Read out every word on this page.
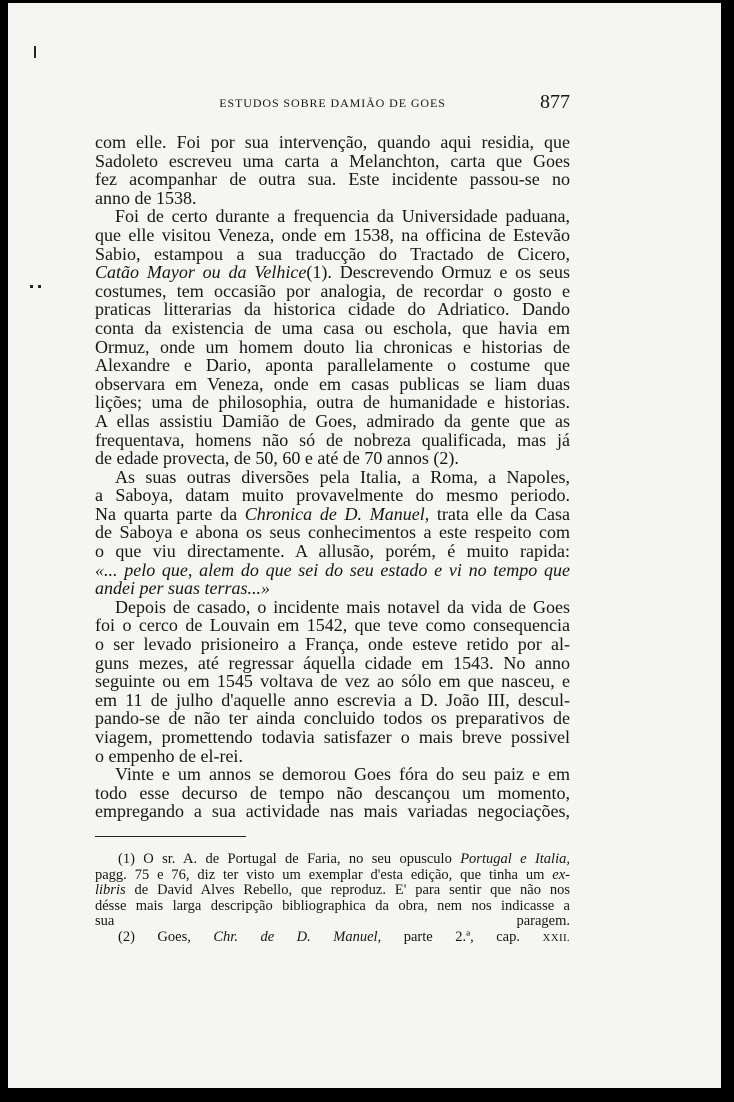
ESTUDOS SOBRE DAMIÃO DE GOES	877
com elle. Foi por sua intervenção, quando aqui residia, que
Sadoleto escreveu uma carta a Melanchton, carta que Goes
fez acompanhar de outra sua. Este incidente passou-se no
anno de 1538.
Foi de certo durante a frequencia da Universidade paduana,
que elle visitou Veneza, onde em 1538, na officina de Estevão
Sabio, estampou a sua traducção do Tractado de Cicero,
Catão Mayor ou da Velhice(1). Descrevendo Ormuz e os seus
costumes, tem occasião por analogia, de recordar o gosto e
praticas litterarias da historica cidade do Adriatico. Dando
conta da existencia de uma casa ou eschola, que havia em
Ormuz, onde um homem douto lia chronicas e historias de
Alexandre e Dario, aponta parallelamente o costume que
observara em Veneza, onde em casas publicas se liam duas
lições; uma de philosophia, outra de humanidade e historias.
A ellas assistiu Damião de Goes, admirado da gente que as
frequentava, homens não só de nobreza qualificada, mas já
de edade provecta, de 50, 60 e até de 70 annos (2).
As suas outras diversões pela Italia, a Roma, a Napoles,
a Saboya, datam muito provavelmente do mesmo periodo.
Na quarta parte da Chronica de D. Manuel, trata elle da Casa
de Saboya e abona os seus conhecimentos a este respeito com
o que viu directamente. A allusão, porém, é muito rapida:
«... pelo que, alem do que sei do seu estado e vi no tempo que
andei per suas terras...»
Depois de casado, o incidente mais notavel da vida de Goes
foi o cerco de Louvain em 1542, que teve como consequencia
o ser levado prisioneiro a França, onde esteve retido por al-
guns mezes, até regressar áquella cidade em 1543. No anno
seguinte ou em 1545 voltava de vez ao sólo em que nasceu, e
em 11 de julho d'aquelle anno escrevia a D. João III, descul-
pando-se de não ter ainda concluido todos os preparativos de
viagem, promettendo todavia satisfazer o mais breve possivel
o empenho de el-rei.
Vinte e um annos se demorou Goes fóra do seu paiz e em
todo esse decurso de tempo não descançou um momento,
empregando a sua actividade nas mais variadas negociações,
(1) O sr. A. de Portugal de Faria, no seu opusculo Portugal e Italia,
pagg. 75 e 76, diz ter visto um exemplar d'esta edição, que tinha um ex-
libris de David Alves Rebello, que reproduz. E' para sentir que não nos
désse mais larga descripção bibliographica da obra, nem nos indicasse a
sua paragem.
(2) Goes, Chr. de D. Manuel, parte 2.ª, cap. XXII.
